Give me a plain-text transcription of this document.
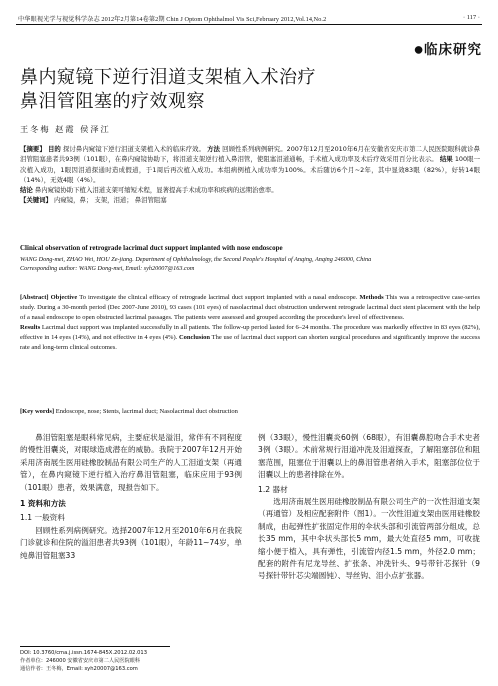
中华眼视光学与视觉科学杂志 2012年2月第14卷第2期 Chin J Optom Ophthalmol Vis Sci,February 2012,Vol.14,No.2	· 117 ·
●临床研究
鼻内窥镜下逆行泪道支架植入术治疗
鼻泪管阻塞的疗效观察
王冬梅 赵霞 侯泽江

【摘要】 目的 探讨鼻内窥镜下逆行泪道支架植入术的临床疗效。 方法 回顾性系列病例研究。2007年12月至2010年6月在安徽省安庆市第二人民医院眼科就诊鼻泪管阻塞患者共93例（101眼），在鼻内窥镜协助下，将泪道支架逆行植入鼻泪管，使阻塞泪道通畅，手术植入成功率及术后疗效采用百分比表示。 结果 100眼一次植入成功，1眼因泪道探通时造成假道，于1周后再次植入成功。本组病例植入成功率为100%。术后随访6个月~2年，其中显效83眼（82%），好转14眼（14%），无效4眼（4%）。

结论 鼻内窥镜协助下植入泪道支架可缩短术程，显著提高手术成功率和疾病的远期治愈率。

【关键词】 内窥镜，鼻； 支架，泪道； 鼻泪管阻塞

Clinical observation of retrograde lacrimal duct support implanted with nose endoscope
WANG Dong-mei, ZHAO Wei, HOU Ze-jiang. Department of Ophthalmology, the Second People's Hospital of Anqing, Anqing 246000, China
Corresponding author: WANG Dong-mei, Email: syh20007@163.com

[Abstract] Objective To investigate the clinical efficacy of retrograde lacrimal duct support implanted with a nasal endoscope. Methods This was a retrospective case-series study. During a 30-month period (Dec 2007-June 2010), 93 cases (101 eyes) of nasolacrimal duct obstruction underwent retrograde lacrimal duct stent placement with the help of a nasal endoscope to open obstructed lacrimal passages. The patients were assessed and grouped according the procedure's level of effectiveness.

Results Lacrimal duct support was implanted successfully in all patients. The follow-up period lasted for 6–24 months. The procedure was markedly effective in 83 eyes (82%), effective in 14 eyes (14%), and not effective in 4 eyes (4%). Conclusion The use of lacrimal duct support can shorten surgical procedures and significantly improve the success rate and long-term clinical outcomes.

[Key words] Endoscope, nose; Stents, lacrimal duct; Nasolacrimal duct obstruction

鼻泪管阻塞是眼科常见病，主要症状是溢泪，常伴有不同程度的慢性泪囊炎，对眼球造成潜在的威胁。我院于2007年12月开始采用济南展生医用硅橡胶制品有限公司生产的人工泪道支架（再通管），在鼻内窥镜下逆行植入治疗鼻泪管阻塞，临床应用于93例（101眼）患者，效果满意，现报告如下。

1 资料和方法

1.1 一般资料

回顾性系列病例研究。选择2007年12月至2010年6月在我院门诊就诊和住院的溢泪患者共93例（101眼），年龄11~74岁，单纯鼻泪管阻塞33

例（33眼），慢性泪囊炎60例（68眼），有泪囊鼻腔吻合手术史者3例（3眼）。术前常规行泪道冲洗及泪道探查，了解阻塞部位和阻塞范围，阻塞位于泪囊以上的鼻泪管患者纳入手术，阻塞部位位于泪囊以上的患者排除在外。

1.2 器材

选用济南展生医用硅橡胶制品有限公司生产的一次性泪道支架（再通管）及相应配套附件（图1）。一次性泪道支架由医用硅橡胶制成，由起弹性扩张固定作用的伞状头部和引流管两部分组成，总长35 mm，其中伞状头部长5 mm，最大处直径5 mm，可收拢缩小便于植入，具有弹性，引流管内径1.5 mm，外径2.0 mm；配套的附件有尼龙导丝、扩张条、冲洗针头、9号带针芯探针（9号探针带针芯尖端圆钝）、导丝钩、泪小点扩张器。

DOI: 10.3760/cma.j.issn.1674-845X.2012.02.013

作者单位：246000 安徽省安庆市第二人民医院眼科

通信作者：王冬梅，Email: syh20007@163.com
